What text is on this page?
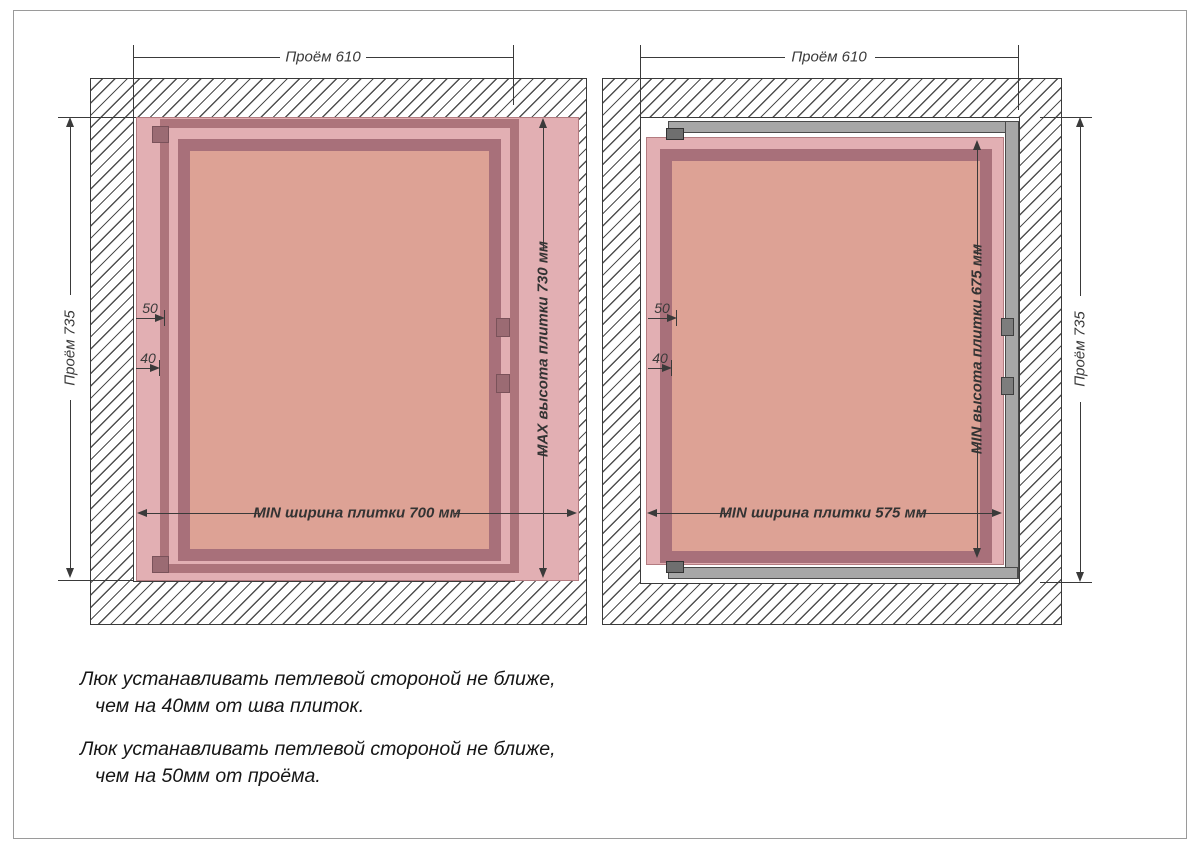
Проём 610
Проём 735	MAX высота плитки 730 мм
MIN ширина плитки 700 мм
50
40
Проём 610
Проём 735
MIN высота плитки 675 мм
MIN ширина плитки 575 мм
50
40
Люк устанавливать петлевой стороной не ближе,
чем на 40мм от шва плиток.
Люк устанавливать петлевой стороной не ближе,
чем на 50мм от проёма.
